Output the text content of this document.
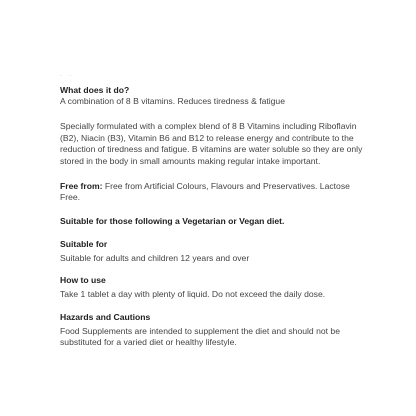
. .

What does it do?

A combination of 8 B vitamins. Reduces tiredness & fatigue

Specially formulated with a complex blend of 8 B Vitamins including Riboflavin

(B2), Niacin (B3), Vitamin B6 and B12 to release energy and contribute to the

reduction of tiredness and fatigue. B vitamins are water soluble so they are only

stored in the body in small amounts making regular intake important.

Free from: Free from Artificial Colours, Flavours and Preservatives. Lactose

Free.

Suitable for those following a Vegetarian or Vegan diet.

Suitable for

Suitable for adults and children 12 years and over

How to use

Take 1 tablet a day with plenty of liquid. Do not exceed the daily dose.

Hazards and Cautions

Food Supplements are intended to supplement the diet and should not be

substituted for a varied diet or healthy lifestyle.
